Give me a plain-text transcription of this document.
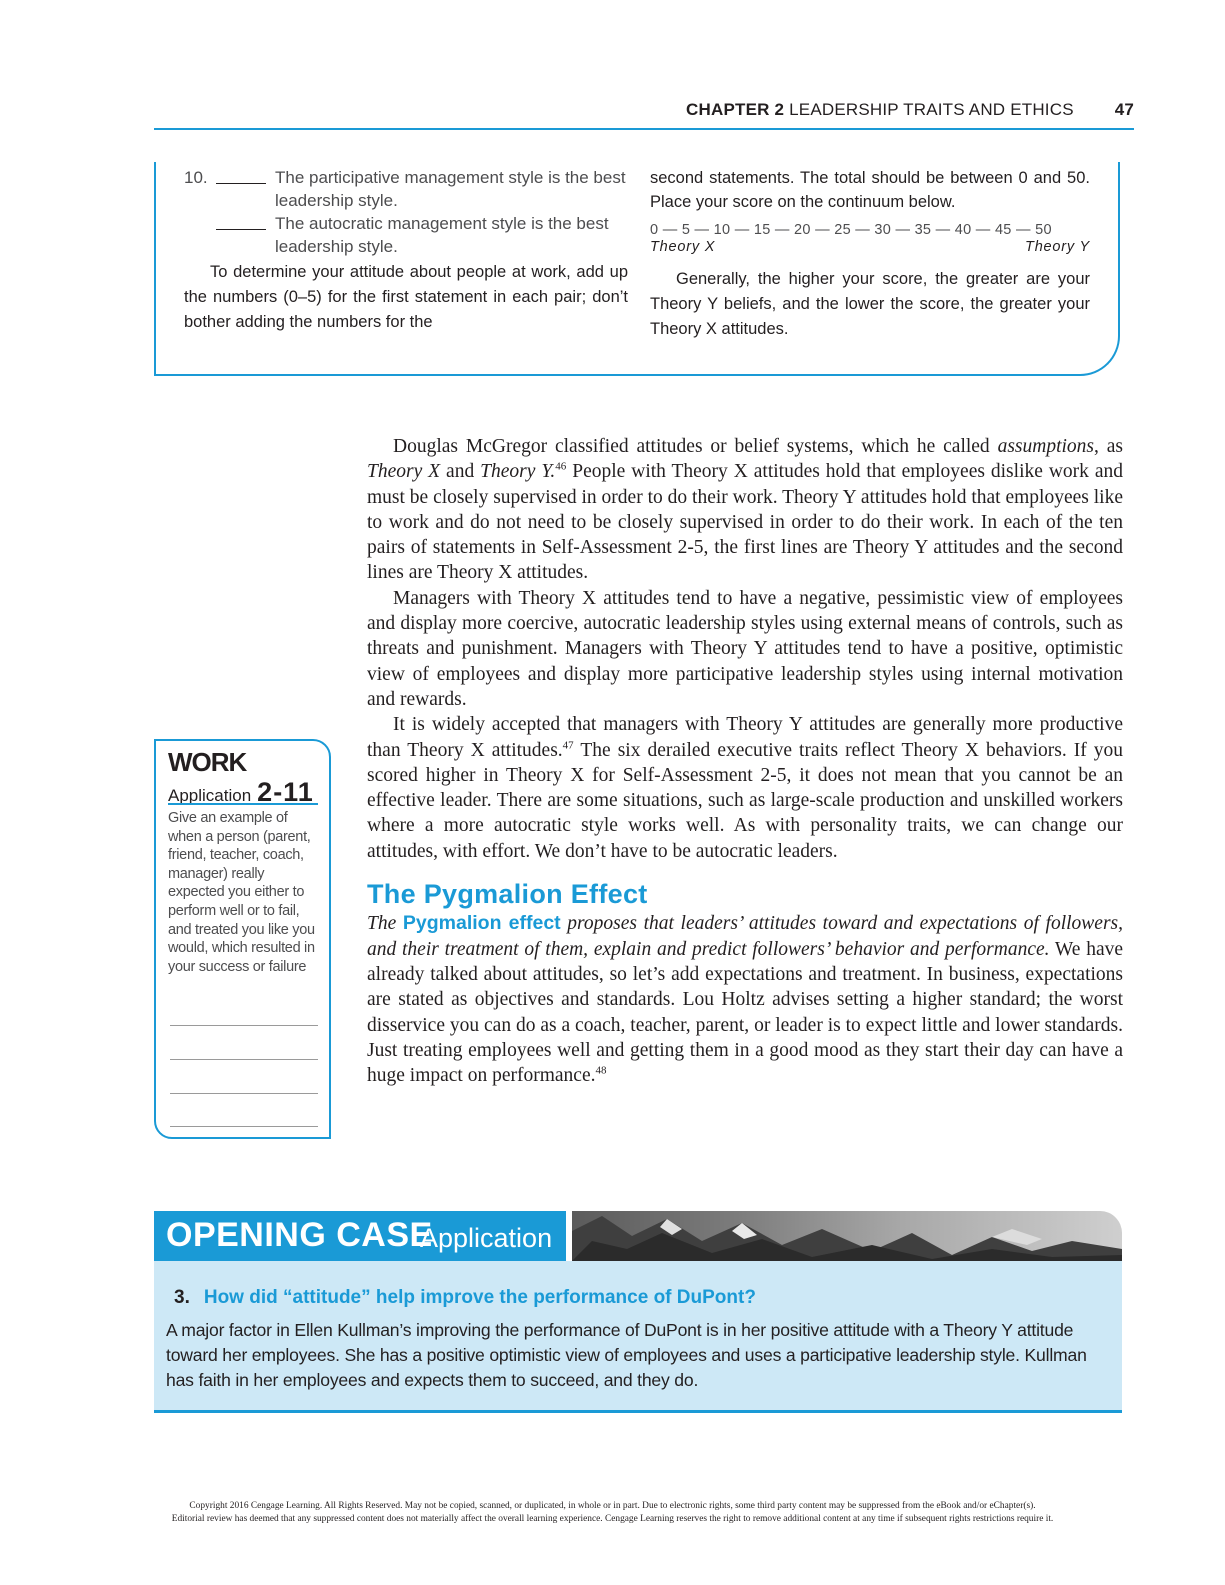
CHAPTER 2 LEADERSHIP TRAITS AND ETHICS 47
10.	The participative management style is the best leadership style.
The autocratic management style is the best leadership style.
To determine your attitude about people at work, add up the numbers (0–5) for the first statement in each pair; don’t bother adding the numbers for the
second statements. The total should be between 0 and 50. Place your score on the continuum below.
0 — 5 — 10 — 15 — 20 — 25 — 30 — 35 — 40 — 45 — 50
Theory X	Theory Y
Generally, the higher your score, the greater are your Theory Y beliefs, and the lower the score, the greater your Theory X attitudes.

Douglas McGregor classified attitudes or belief systems, which he called assumptions, as Theory X and Theory Y.$^{46}$ People with Theory X attitudes hold that employees dislike work and must be closely supervised in order to do their work. Theory Y attitudes hold that employees like to work and do not need to be closely supervised in order to do their work. In each of the ten pairs of statements in Self-Assessment 2-5, the first lines are Theory Y attitudes and the second lines are Theory X attitudes.

Managers with Theory X attitudes tend to have a negative, pessimistic view of employees and display more coercive, autocratic leadership styles using external means of controls, such as threats and punishment. Managers with Theory Y attitudes tend to have a positive, optimistic view of employees and display more participative leadership styles using internal motivation and rewards.

It is widely accepted that managers with Theory Y attitudes are generally more productive than Theory X attitudes.$^{47}$ The six derailed executive traits reflect Theory X behaviors. If you scored higher in Theory X for Self-Assessment 2-5, it does not mean that you cannot be an effective leader. There are some situations, such as large-scale production and unskilled workers where a more autocratic style works well. As with personality traits, we can change our attitudes, with effort. We don’t have to be autocratic leaders.

The Pygmalion Effect

The Pygmalion effect proposes that leaders’ attitudes toward and expectations of followers, and their treatment of them, explain and predict followers’ behavior and performance. We have already talked about attitudes, so let’s add expectations and treatment. In business, expectations are stated as objectives and standards. Lou Holtz advises setting a higher standard; the worst disservice you can do as a coach, teacher, parent, or leader is to expect little and lower standards. Just treating employees well and getting them in a good mood as they start their day can have a huge impact on performance.$^{48}$

WORK
Application 2-11
Give an example of when a person (parent, friend, teacher, coach, manager) really expected you either to perform well or to fail, and treated you like you would, which resulted in your success or failure
OPENING CASE
Application
3. How did “attitude” help improve the performance of DuPont?
A major factor in Ellen Kullman’s improving the performance of DuPont is in her positive attitude with a Theory Y attitude toward her employees. She has a positive optimistic view of employees and uses a participative leadership style. Kullman has faith in her employees and expects them to succeed, and they do.
Copyright 2016 Cengage Learning. All Rights Reserved. May not be copied, scanned, or duplicated, in whole or in part. Due to electronic rights, some third party content may be suppressed from the eBook and/or eChapter(s).
Editorial review has deemed that any suppressed content does not materially affect the overall learning experience. Cengage Learning reserves the right to remove additional content at any time if subsequent rights restrictions require it.
